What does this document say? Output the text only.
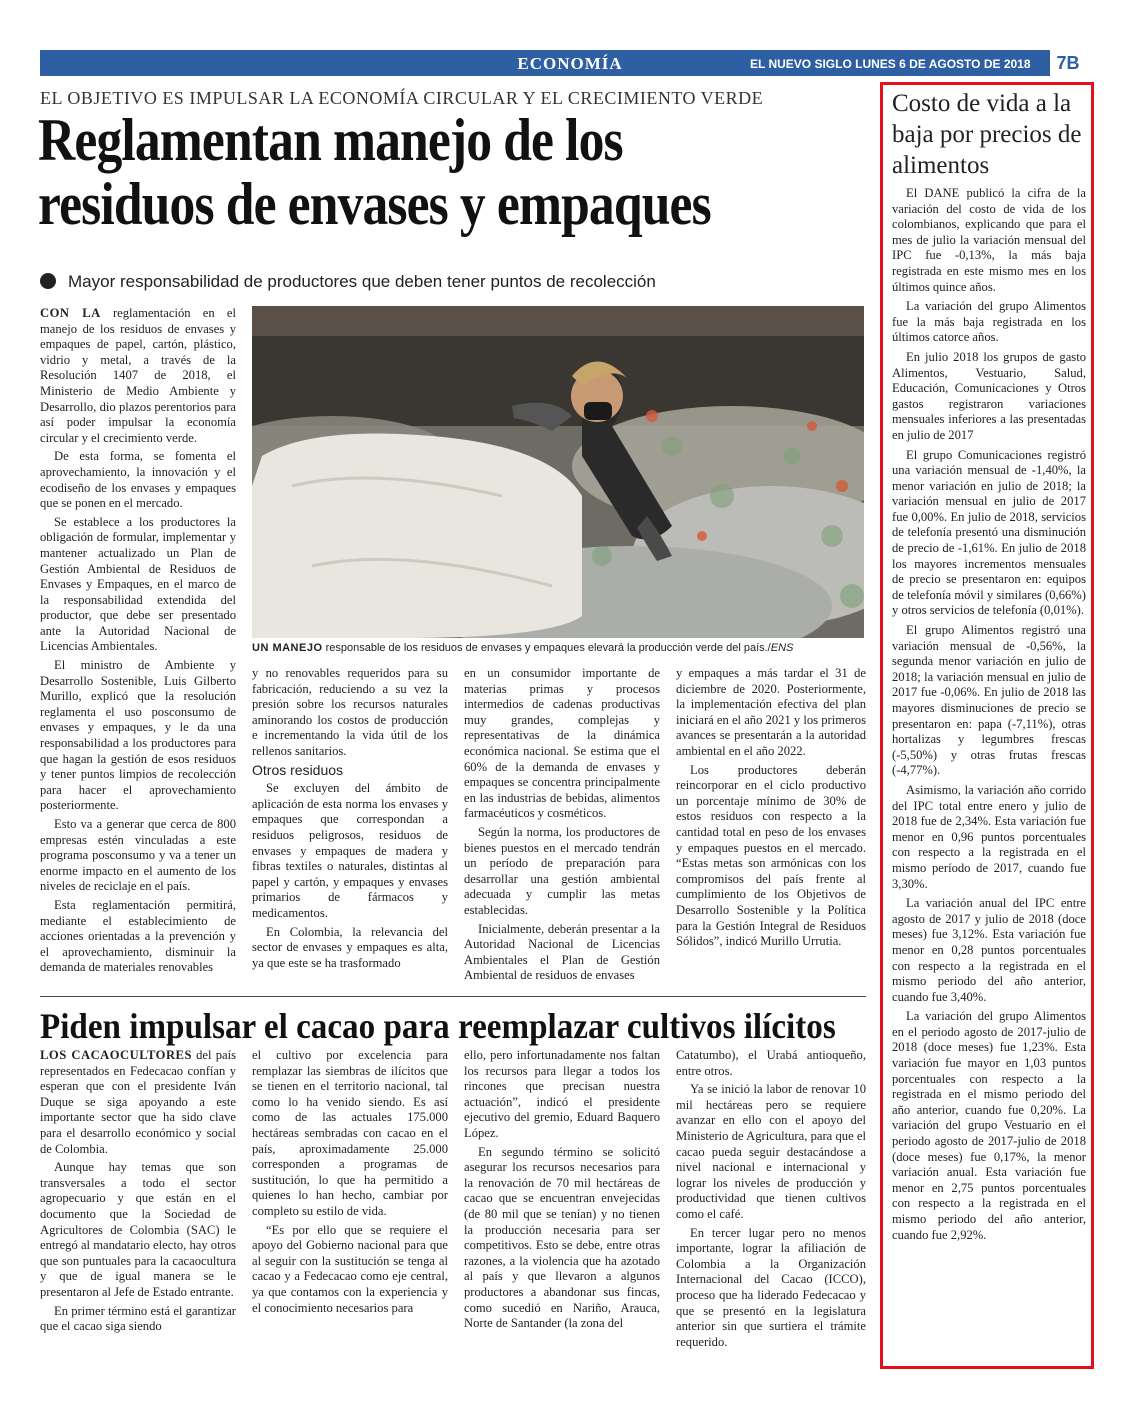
ECONOMÍA	EL NUEVO SIGLO LUNES 6 DE AGOSTO DE 2018	7B
EL OBJETIVO ES IMPULSAR LA ECONOMÍA CIRCULAR Y EL CRECIMIENTO VERDE
Reglamentan manejo de los
residuos de envases y empaques
Mayor responsabilidad de productores que deben tener puntos de recolección

CON LA reglamentación en el manejo de los residuos de envases y empaques de papel, cartón, plástico, vidrio y metal, a través de la Resolución 1407 de 2018, el Ministerio de Medio Ambiente y Desarrollo, dio plazos perentorios para así poder impulsar la economía circular y el crecimiento verde.

De esta forma, se fomenta el aprovechamiento, la innovación y el ecodiseño de los envases y empaques que se ponen en el mercado.

Se establece a los productores la obligación de formular, implementar y mantener actualizado un Plan de Gestión Ambiental de Residuos de Envases y Empaques, en el marco de la responsabilidad extendida del productor, que debe ser presentado ante la Autoridad Nacional de Licencias Ambientales.

El ministro de Ambiente y Desarrollo Sostenible, Luis Gilberto Murillo, explicó que la resolución reglamenta el uso posconsumo de envases y empaques, y le da una responsabilidad a los productores para que hagan la gestión de esos residuos y tener puntos limpios de recolección para hacer el aprovechamiento posteriormente.

Esto va a generar que cerca de 800 empresas estén vinculadas a este programa posconsumo y va a tener un enorme impacto en el aumento de los niveles de reciclaje en el país.

Esta reglamentación permitirá, mediante el establecimiento de acciones orientadas a la prevención y el aprovechamiento, disminuir la demanda de materiales renovables

UN MANEJO responsable de los residuos de envases y empaques elevará la producción verde del país./ENS

y no renovables requeridos para su fabricación, reduciendo a su vez la presión sobre los recursos naturales aminorando los costos de producción e incrementando la vida útil de los rellenos sanitarios.

Otros residuos

Se excluyen del ámbito de aplicación de esta norma los envases y empaques que correspondan a residuos peligrosos, residuos de envases y empaques de madera y fibras textiles o naturales, distintas al papel y cartón, y empaques y envases primarios de fármacos y medicamentos.

En Colombia, la relevancia del sector de envases y empaques es alta, ya que este se ha trasformado

en un consumidor importante de materias primas y procesos intermedios de cadenas productivas muy grandes, complejas y representativas de la dinámica económica nacional. Se estima que el 60% de la demanda de envases y empaques se concentra principalmente en las industrias de bebidas, alimentos farmacéuticos y cosméticos.

Según la norma, los productores de bienes puestos en el mercado tendrán un período de preparación para desarrollar una gestión ambiental adecuada y cumplir las metas establecidas.

Inicialmente, deberán presentar a la Autoridad Nacional de Licencias Ambientales el Plan de Gestión Ambiental de residuos de envases

y empaques a más tardar el 31 de diciembre de 2020. Posteriormente, la implementación efectiva del plan iniciará en el año 2021 y los primeros avances se presentarán a la autoridad ambiental en el año 2022.

Los productores deberán reincorporar en el ciclo productivo un porcentaje mínimo de 30% de estos residuos con respecto a la cantidad total en peso de los envases y empaques puestos en el mercado. “Estas metas son armónicas con los compromisos del país frente al cumplimiento de los Objetivos de Desarrollo Sostenible y la Política para la Gestión Integral de Residuos Sólidos”, indicó Murillo Urrutia.

Piden impulsar el cacao para reemplazar cultivos ilícitos

LOS CACAOCULTORES del país representados en Fedecacao confían y esperan que con el presidente Iván Duque se siga apoyando a este importante sector que ha sido clave para el desarrollo económico y social de Colombia.

Aunque hay temas que son transversales a todo el sector agropecuario y que están en el documento que la Sociedad de Agricultores de Colombia (SAC) le entregó al mandatario electo, hay otros que son puntuales para la cacaocultura y que de igual manera se le presentaron al Jefe de Estado entrante.

En primer término está el garantizar que el cacao siga siendo

el cultivo por excelencia para remplazar las siembras de ilícitos que se tienen en el territorio nacional, tal como lo ha venido siendo. Es así como de las actuales 175.000 hectáreas sembradas con cacao en el país, aproximadamente 25.000 corresponden a programas de sustitución, lo que ha permitido a quienes lo han hecho, cambiar por completo su estilo de vida.

“Es por ello que se requiere el apoyo del Gobierno nacional para que al seguir con la sustitución se tenga al cacao y a Fedecacao como eje central, ya que contamos con la experiencia y el conocimiento necesarios para

ello, pero infortunadamente nos faltan los recursos para llegar a todos los rincones que precisan nuestra actuación”, indicó el presidente ejecutivo del gremio, Eduard Baquero López.

En segundo término se solicitó asegurar los recursos necesarios para la renovación de 70 mil hectáreas de cacao que se encuentran envejecidas (de 80 mil que se tenían) y no tienen la producción necesaria para ser competitivos. Esto se debe, entre otras razones, a la violencia que ha azotado al país y que llevaron a algunos productores a abandonar sus fincas, como sucedió en Nariño, Arauca, Norte de Santander (la zona del

Catatumbo), el Urabá antioqueño, entre otros.

Ya se inició la labor de renovar 10 mil hectáreas pero se requiere avanzar en ello con el apoyo del Ministerio de Agricultura, para que el cacao pueda seguir destacándose a nivel nacional e internacional y lograr los niveles de producción y productividad que tienen cultivos como el café.

En tercer lugar pero no menos importante, lograr la afiliación de Colombia a la Organización Internacional del Cacao (ICCO), proceso que ha liderado Fedecacao y que se presentó en la legislatura anterior sin que surtiera el trámite requerido.

Costo de vida a la baja por precios de alimentos

El DANE publicó la cifra de la variación del costo de vida de los colombianos, explicando que para el mes de julio la variación mensual del IPC fue -0,13%, la más baja registrada en este mismo mes en los últimos quince años.

La variación del grupo Alimentos fue la más baja registrada en los últimos catorce años.

En julio 2018 los grupos de gasto Alimentos, Vestuario, Salud, Educación, Comunicaciones y Otros gastos registraron variaciones mensuales inferiores a las presentadas en julio de 2017

El grupo Comunicaciones registró una variación mensual de -1,40%, la menor variación en julio de 2018; la variación mensual en julio de 2017 fue 0,00%. En julio de 2018, servicios de telefonía presentó una disminución de precio de -1,61%. En julio de 2018 los mayores incrementos mensuales de precio se presentaron en: equipos de telefonía móvil y similares (0,66%) y otros servicios de telefonía (0,01%).

El grupo Alimentos registró una variación mensual de -0,56%, la segunda menor variación en julio de 2018; la variación mensual en julio de 2017 fue -0,06%. En julio de 2018 las mayores disminuciones de precio se presentaron en: papa (-7,11%), otras hortalizas y legumbres frescas (-5,50%) y otras frutas frescas (-4,77%).

Asimismo, la variación año corrido del IPC total entre enero y julio de 2018 fue de 2,34%. Esta variación fue menor en 0,96 puntos porcentuales con respecto a la registrada en el mismo período de 2017, cuando fue 3,30%.

La variación anual del IPC entre agosto de 2017 y julio de 2018 (doce meses) fue 3,12%. Esta variación fue menor en 0,28 puntos porcentuales con respecto a la registrada en el mismo periodo del año anterior, cuando fue 3,40%.

La variación del grupo Alimentos en el periodo agosto de 2017-julio de 2018 (doce meses) fue 1,23%. Esta variación fue mayor en 1,03 puntos porcentuales con respecto a la registrada en el mismo periodo del año anterior, cuando fue 0,20%. La variación del grupo Vestuario en el periodo agosto de 2017-julio de 2018 (doce meses) fue 0,17%, la menor variación anual. Esta variación fue menor en 2,75 puntos porcentuales con respecto a la registrada en el mismo periodo del año anterior, cuando fue 2,92%.
